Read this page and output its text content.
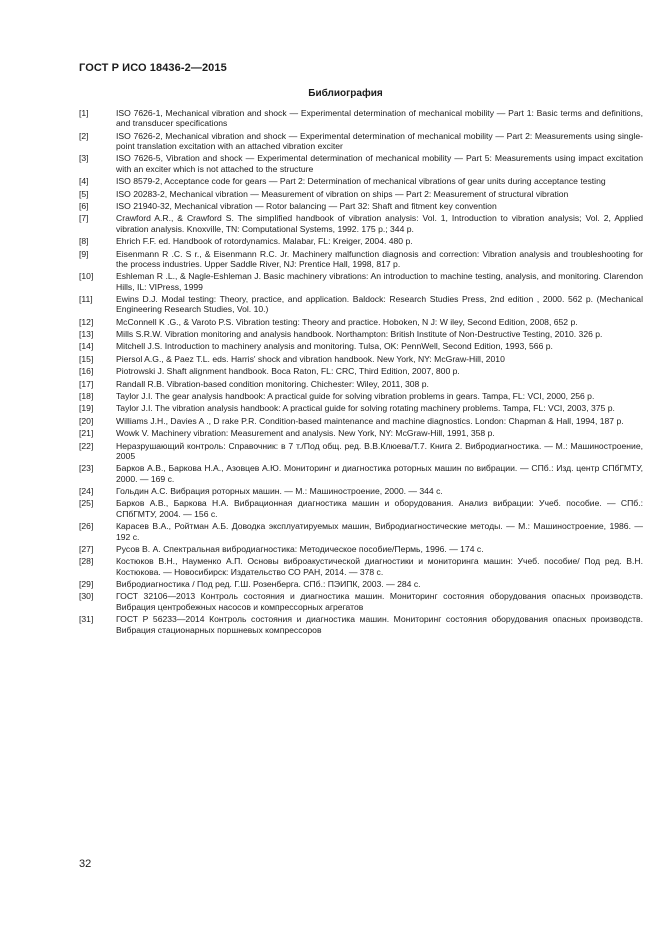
ГОСТ Р ИСО 18436-2—2015
Библиография
[1]	ISO 7626-1, Mechanical vibration and shock — Experimental determination of mechanical mobility — Part 1: Basic terms and definitions, and transducer specifications
[2]	ISO 7626-2, Mechanical vibration and shock — Experimental determination of mechanical mobility — Part 2: Measurements using single-point translation excitation with an attached vibration exciter
[3]	ISO 7626-5, Vibration and shock — Experimental determination of mechanical mobility — Part 5: Measurements using impact excitation with an exciter which is not attached to the structure
[4]	ISO 8579-2, Acceptance code for gears — Part 2: Determination of mechanical vibrations of gear units during acceptance testing
[5]	ISO 20283-2, Mechanical vibration — Measurement of vibration on ships — Part 2: Measurement of structural vibration
[6]	ISO 21940-32, Mechanical vibration — Rotor balancing — Part 32: Shaft and fitment key convention
[7]	Crawford A.R., & Crawford S. The simplified handbook of vibration analysis: Vol. 1, Introduction to vibration analysis; Vol. 2, Applied vibration analysis. Knoxville, TN: Computational Systems, 1992. 175 p.; 344 p.
[8]	Ehrich F.F. ed. Handbook of rotordynamics. Malabar, FL: Kreiger, 2004. 480 p.
[9]	Eisenmann R .C. S r., & Eisenmann R.C. Jr. Machinery malfunction diagnosis and correction: Vibration analysis and troubleshooting for the process industries. Upper Saddle River, NJ: Prentice Hall, 1998, 817 p.
[10]	Eshleman R .L., & Nagle-Eshleman J. Basic machinery vibrations: An introduction to machine testing, analysis, and monitoring. Clarendon Hills, IL: VIPress, 1999
[11]	Ewins D.J. Modal testing: Theory, practice, and application. Baldock: Research Studies Press, 2nd edition , 2000. 562 p. (Mechanical Engineering Research Studies, Vol. 10.)
[12]	McConnell K .G., & Varoto P.S. Vibration testing: Theory and practice. Hoboken, N J: W iley, Second Edition, 2008, 652 p.
[13]	Mills S.R.W. Vibration monitoring and analysis handbook. Northampton: British Institute of Non-Destructive Testing, 2010. 326 p.
[14]	Mitchell J.S. Introduction to machinery analysis and monitoring. Tulsa, OK: PennWell, Second Edition, 1993, 566 p.
[15]	Piersol A.G., & Paez T.L. eds. Harris' shock and vibration handbook. New York, NY: McGraw-Hill, 2010
[16]	Piotrowski J. Shaft alignment handbook. Boca Raton, FL: CRC, Third Edition, 2007, 800 p.
[17]	Randall R.B. Vibration-based condition monitoring. Chichester: Wiley, 2011, 308 p.
[18]	Taylor J.I. The gear analysis handbook: A practical guide for solving vibration problems in gears. Tampa, FL: VCI, 2000, 256 p.
[19]	Taylor J.I. The vibration analysis handbook: A practical guide for solving rotating machinery problems. Tampa, FL: VCI, 2003, 375 p.
[20]	Williams J.H., Davies A ., D rake P.R. Condition-based maintenance and machine diagnostics. London: Chapman & Hall, 1994, 187 p.
[21]	Wowk V. Machinery vibration: Measurement and analysis. New York, NY: McGraw-Hill, 1991, 358 p.
[22]	Неразрушающий контроль: Справочник: в 7 т./Под общ. ред. В.В.Клюева/Т.7. Книга 2. Вибродиагностика. — М.: Машиностроение, 2005
[23]	Барков А.В., Баркова Н.А., Азовцев А.Ю. Мониторинг и диагностика роторных машин по вибрации. — СПб.: Изд. центр СПбГМТУ, 2000. — 169 с.
[24]	Гольдин А.С. Вибрация роторных машин. — М.: Машиностроение, 2000. — 344 с.
[25]	Барков А.В., Баркова Н.А. Вибрационная диагностика машин и оборудования. Анализ вибрации: Учеб. пособие. — СПб.: СПбГМТУ, 2004. — 156 с.
[26]	Карасев В.А., Ройтман А.Б. Доводка эксплуатируемых машин, Вибродиагностические методы. — М.: Машиностроение, 1986. — 192 с.
[27]	Русов В. А. Спектральная вибродиагностика: Методическое пособие/Пермь, 1996. — 174 с.
[28]	Костюков В.Н., Науменко А.П. Основы виброакустической диагностики и мониторинга машин: Учеб. пособие/ Под ред. В.Н. Костюкова. — Новосибирск: Издательство СО РАН, 2014. — 378 с.
[29]	Вибродиагностика / Под ред. Г.Ш. Розенберга. СПб.: ПЭИПК, 2003. — 284 с.
[30]	ГОСТ 32106—2013 Контроль состояния и диагностика машин. Мониторинг состояния оборудования опасных производств. Вибрация центробежных насосов и компрессорных агрегатов
[31]	ГОСТ Р 56233—2014 Контроль состояния и диагностика машин. Мониторинг состояния оборудования опасных производств. Вибрация стационарных поршневых компрессоров
32
